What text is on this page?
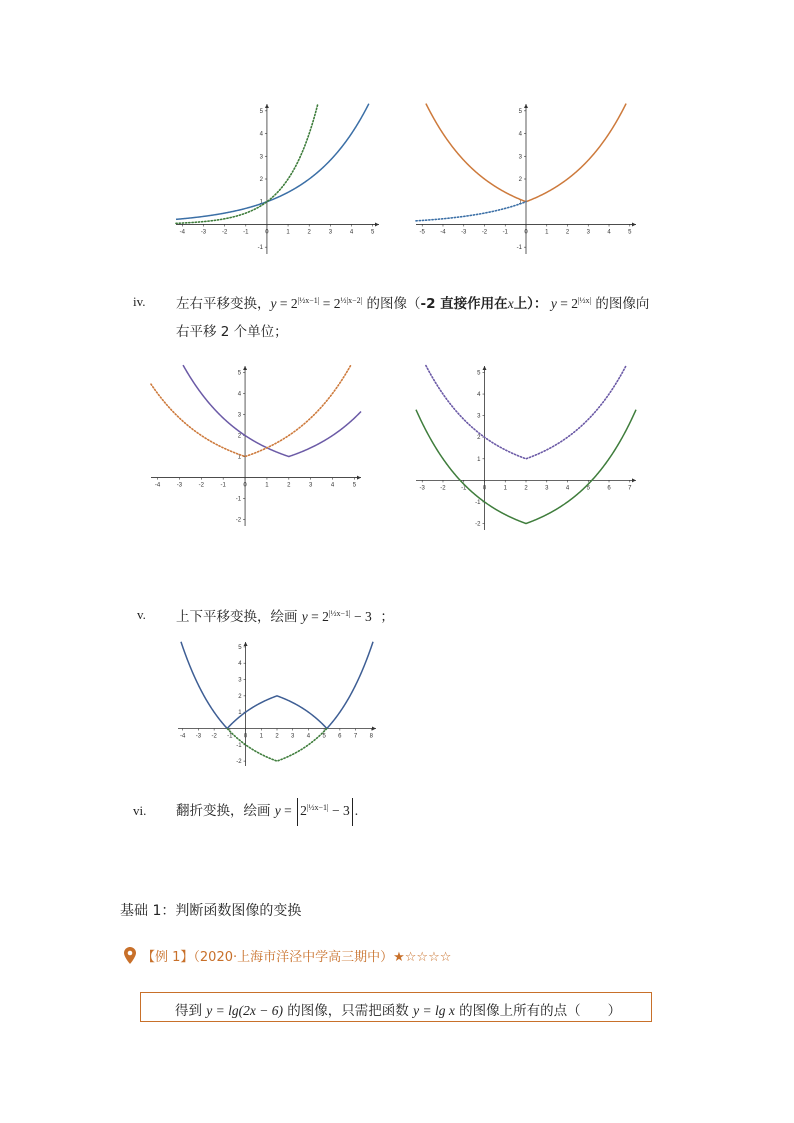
-4	-3	-2	-1	0	1	2	3	4	5
-1
1
2
3
4
5
-5	-4	-3	-2	-1	0	1	2	3	4	5
-1
1
2
3
4
5
iv. 左右平移变换，y = 2|½x−1| = 2½|x−2| 的图像（-2 直接作用在x上）： y = 2|½x| 的图像向
右平移 2 个单位；
-4	-3	-2	-1	0	1	2	3	4	5
-2
-1
1
2
3
4
5
-3	-2	-1	0	1	2	3	4	5	6	7
-2
-1
1
2
3
4
5
v. 上下平移变换，绘画 y = 2|½x−1| − 3 ；
-4 -3 -2 -1 0 1 2 3 4 5 6 7 8
-2
-1
1
2
3
4
5
vi. 翻折变换，绘画 y = 2|½x−1| − 3 .
基础 1：判断函数图像的变换
【例 1】（2020·上海市洋泾中学高三期中）★☆☆☆☆
得到 y = lg(2x − 6) 的图像，只需把函数 y = lg x 的图像上所有的点（　　）
